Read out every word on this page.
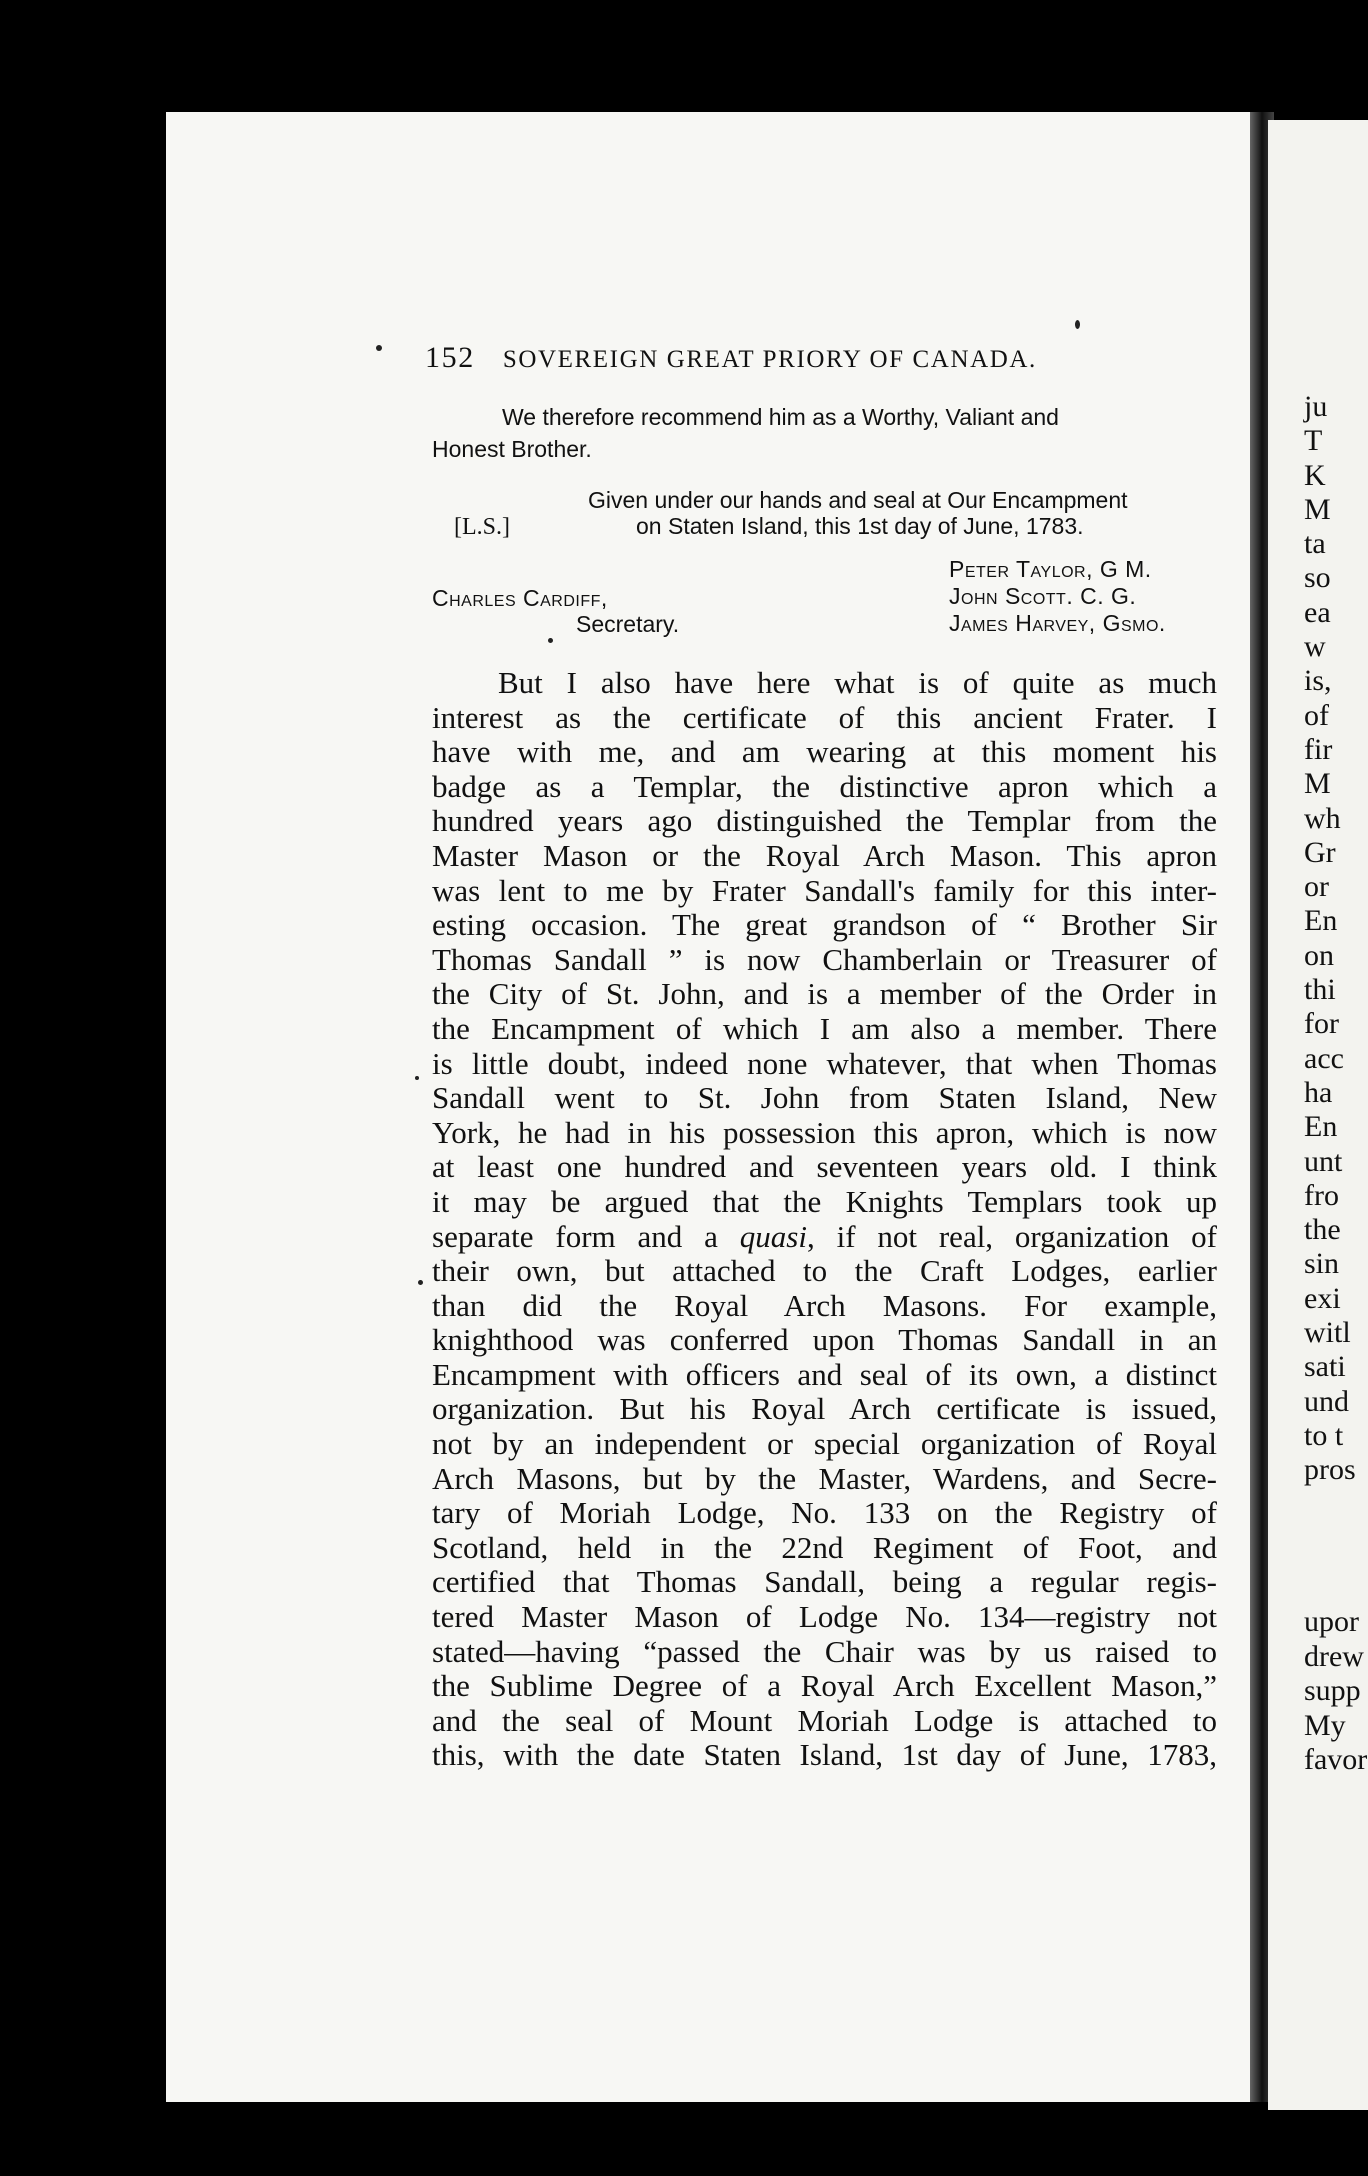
152 SOVEREIGN GREAT PRIORY OF CANADA.
We therefore recommend him as a Worthy, Valiant and
Honest Brother.
Given under our hands and seal at Our Encampment
on Staten Island, this 1st day of June, 1783.
[L.S.]
Charles Cardiff,
Secretary.
Peter Taylor, G M.
John Scott. C. G.
James Harvey, Gsmo.
But I also have here what is of quite as much
interest as the certificate of this ancient Frater. I
have with me, and am wearing at this moment his
badge as a Templar, the distinctive apron which a
hundred years ago distinguished the Templar from the
Master Mason or the Royal Arch Mason. This apron
was lent to me by Frater Sandall's family for this inter-
esting occasion. The great grandson of “ Brother Sir
Thomas Sandall ” is now Chamberlain or Treasurer of
the City of St. John, and is a member of the Order in
the Encampment of which I am also a member. There
is little doubt, indeed none whatever, that when Thomas
Sandall went to St. John from Staten Island, New
York, he had in his possession this apron, which is now
at least one hundred and seventeen years old. I think
it may be argued that the Knights Templars took up
separate form and a quasi, if not real, organization of
their own, but attached to the Craft Lodges, earlier
than did the Royal Arch Masons. For example,
knighthood was conferred upon Thomas Sandall in an
Encampment with officers and seal of its own, a distinct
organization. But his Royal Arch certificate is issued,
not by an independent or special organization of Royal
Arch Masons, but by the Master, Wardens, and Secre-
tary of Moriah Lodge, No. 133 on the Registry of
Scotland, held in the 22nd Regiment of Foot, and
certified that Thomas Sandall, being a regular regis-
tered Master Mason of Lodge No. 134—registry not
stated—having “passed the Chair was by us raised to
the Sublime Degree of a Royal Arch Excellent Mason,”
and the seal of Mount Moriah Lodge is attached to
this, with the date Staten Island, 1st day of June, 1783,
ju
T
K
M
ta
so
ea
w
is,
of
fir
M
wh
Gr
or
En
on
thi
for
acc
ha
En
unt
fro
the
sin
exi
witl
sati
und
to t
pros
upor
drew
supp
My
favor
